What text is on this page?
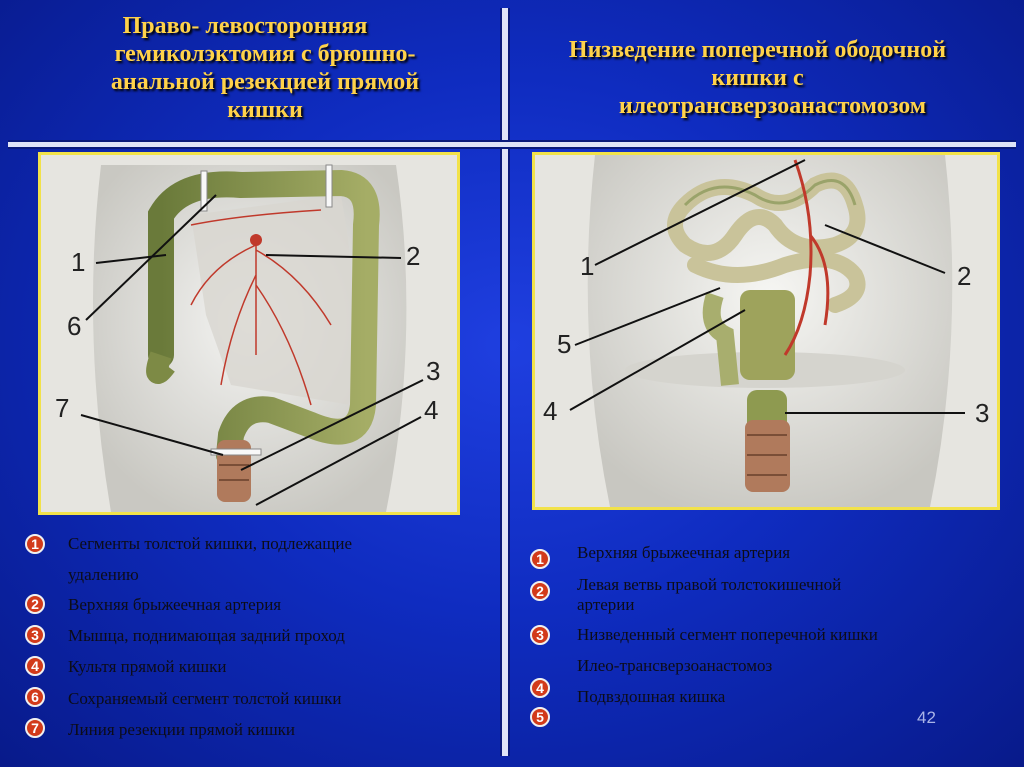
Право- левосторонняя
гемиколэктомия с брюшно-
анальной резекцией прямой
кишки
Низведение поперечной ободочной
кишки с
илеотрансверзоанастомозом
1	2
3
4
6
7
1	2
3
4
5
1	Сегменты толстой кишки, подлежащие
удалению
2	Верхняя брыжеечная артерия
3	Мышца, поднимающая задний проход
4	Культя прямой кишки
6	Сохраняемый сегмент толстой кишки
7	Линия резекции прямой кишки
1	Верхняя брыжеечная артерия
2	Левая ветвь правой толстокишечной
артерии
3	Низведенный сегмент поперечной кишки
Илео-трансверзоанастомоз
4	Подвздошная кишка
5	42
